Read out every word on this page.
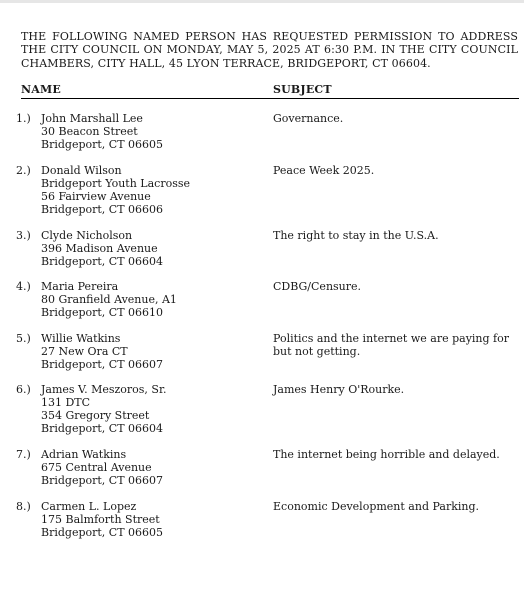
THE FOLLOWING NAMED PERSON HAS REQUESTED PERMISSION TO ADDRESS THE CITY COUNCIL ON MONDAY, MAY 5, 2025 AT 6:30 P.M. IN THE CITY COUNCIL CHAMBERS, CITY HALL, 45 LYON TERRACE, BRIDGEPORT, CT 06604.
NAME	SUBJECT
1.) John Marshall Lee
30 Beacon Street
Bridgeport, CT 06605
Governance.
2.) Donald Wilson
Bridgeport Youth Lacrosse
56 Fairview Avenue
Bridgeport, CT 06606
Peace Week 2025.
3.) Clyde Nicholson
396 Madison Avenue
Bridgeport, CT 06604
The right to stay in the U.S.A.
4.) Maria Pereira
80 Granfield Avenue, A1
Bridgeport, CT 06610
CDBG/Censure.
5.) Willie Watkins
27 New Ora CT
Bridgeport, CT 06607
Politics and the internet we are paying for but not getting.
6.) James V. Meszoros, Sr.
131 DTC
354 Gregory Street
Bridgeport, CT 06604
James Henry O'Rourke.
7.) Adrian Watkins
675 Central Avenue
Bridgeport, CT 06607
The internet being horrible and delayed.
8.) Carmen L. Lopez
175 Balmforth Street
Bridgeport, CT 06605
Economic Development and Parking.
